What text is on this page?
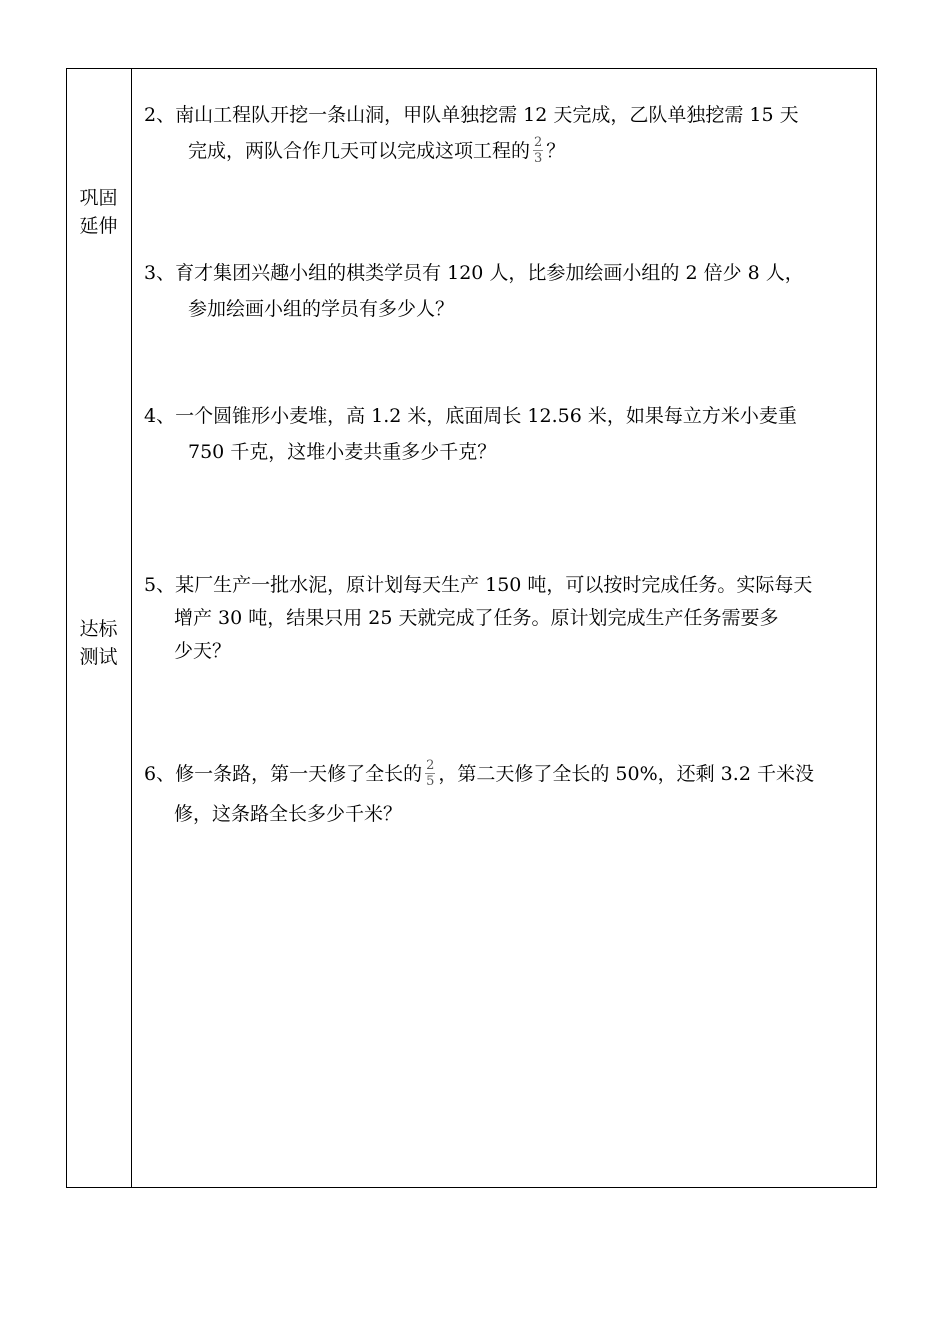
巩固
延伸
达标
测试
2、南山工程队开挖一条山洞，甲队单独挖需 12 天完成，乙队单独挖需 15 天
完成，两队合作几天可以完成这项工程的 $\frac{2}{3}$ ？
3、育才集团兴趣小组的棋类学员有 120 人，比参加绘画小组的 2 倍少 8 人，
参加绘画小组的学员有多少人？
4、一个圆锥形小麦堆，高 1.2 米，底面周长 12.56 米，如果每立方米小麦重
750 千克，这堆小麦共重多少千克？
5、某厂生产一批水泥，原计划每天生产 150 吨，可以按时完成任务。实际每天
增产 30 吨，结果只用 25 天就完成了任务。原计划完成生产任务需要多
少天？
6、修一条路，第一天修了全长的 $\frac{2}{5}$ ，第二天修了全长的 50%，还剩 3.2 千米没
修，这条路全长多少千米？
